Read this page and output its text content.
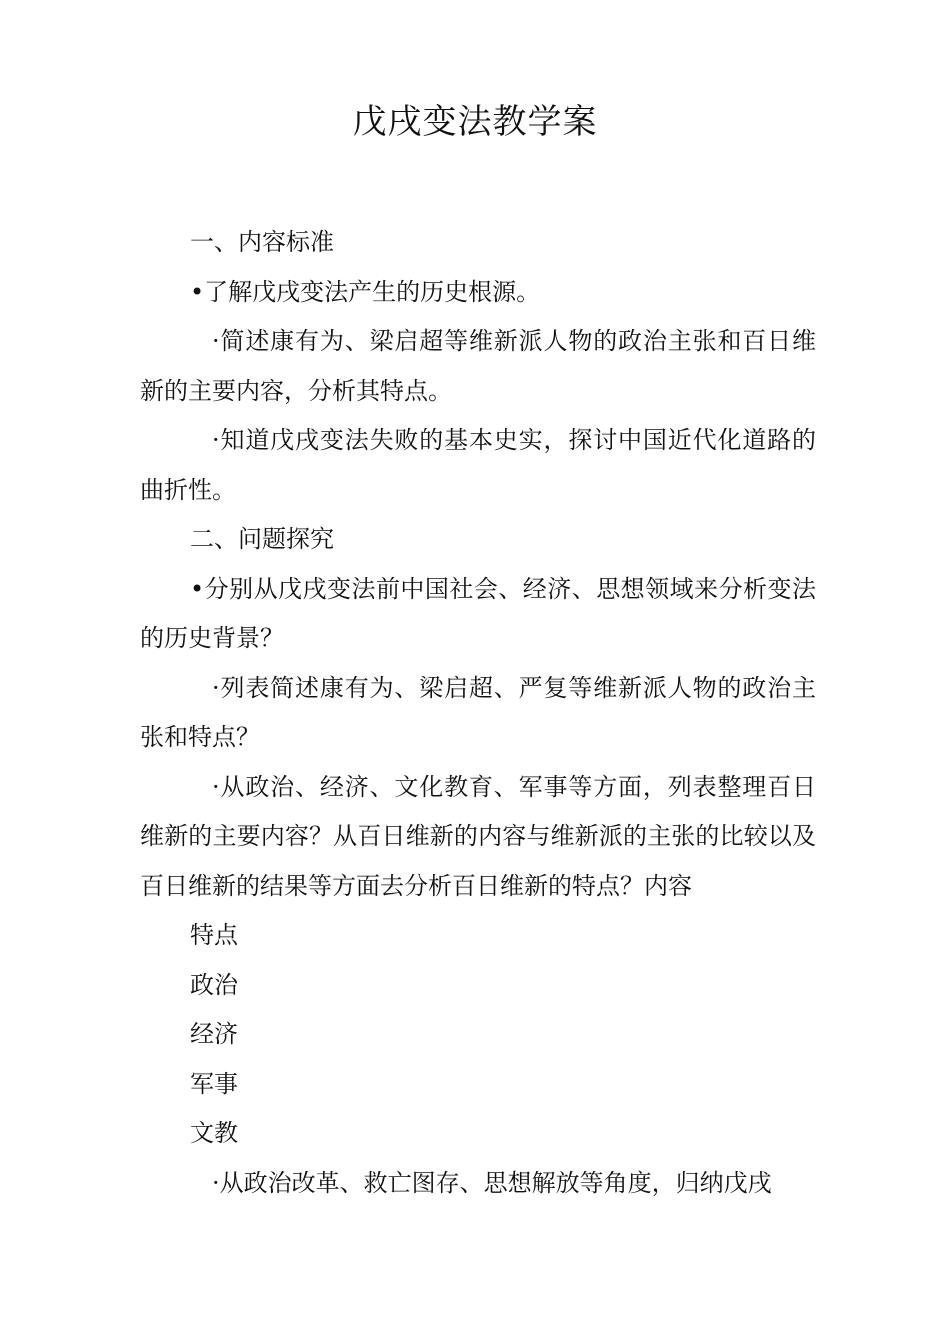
戊戌变法教学案

一、内容标准

•了解戊戌变法产生的历史根源。

·简述康有为、梁启超等维新派人物的政治主张和百日维新的主要内容，分析其特点。

·知道戊戌变法失败的基本史实，探讨中国近代化道路的曲折性。

二、问题探究

•分别从戊戌变法前中国社会、经济、思想领域来分析变法的历史背景？

·列表简述康有为、梁启超、严复等维新派人物的政治主张和特点？

·从政治、经济、文化教育、军事等方面，列表整理百日维新的主要内容？从百日维新的内容与维新派的主张的比较以及百日维新的结果等方面去分析百日维新的特点？内容

特点

政治

经济

军事

文教

·从政治改革、救亡图存、思想解放等角度，归纳戊戌
